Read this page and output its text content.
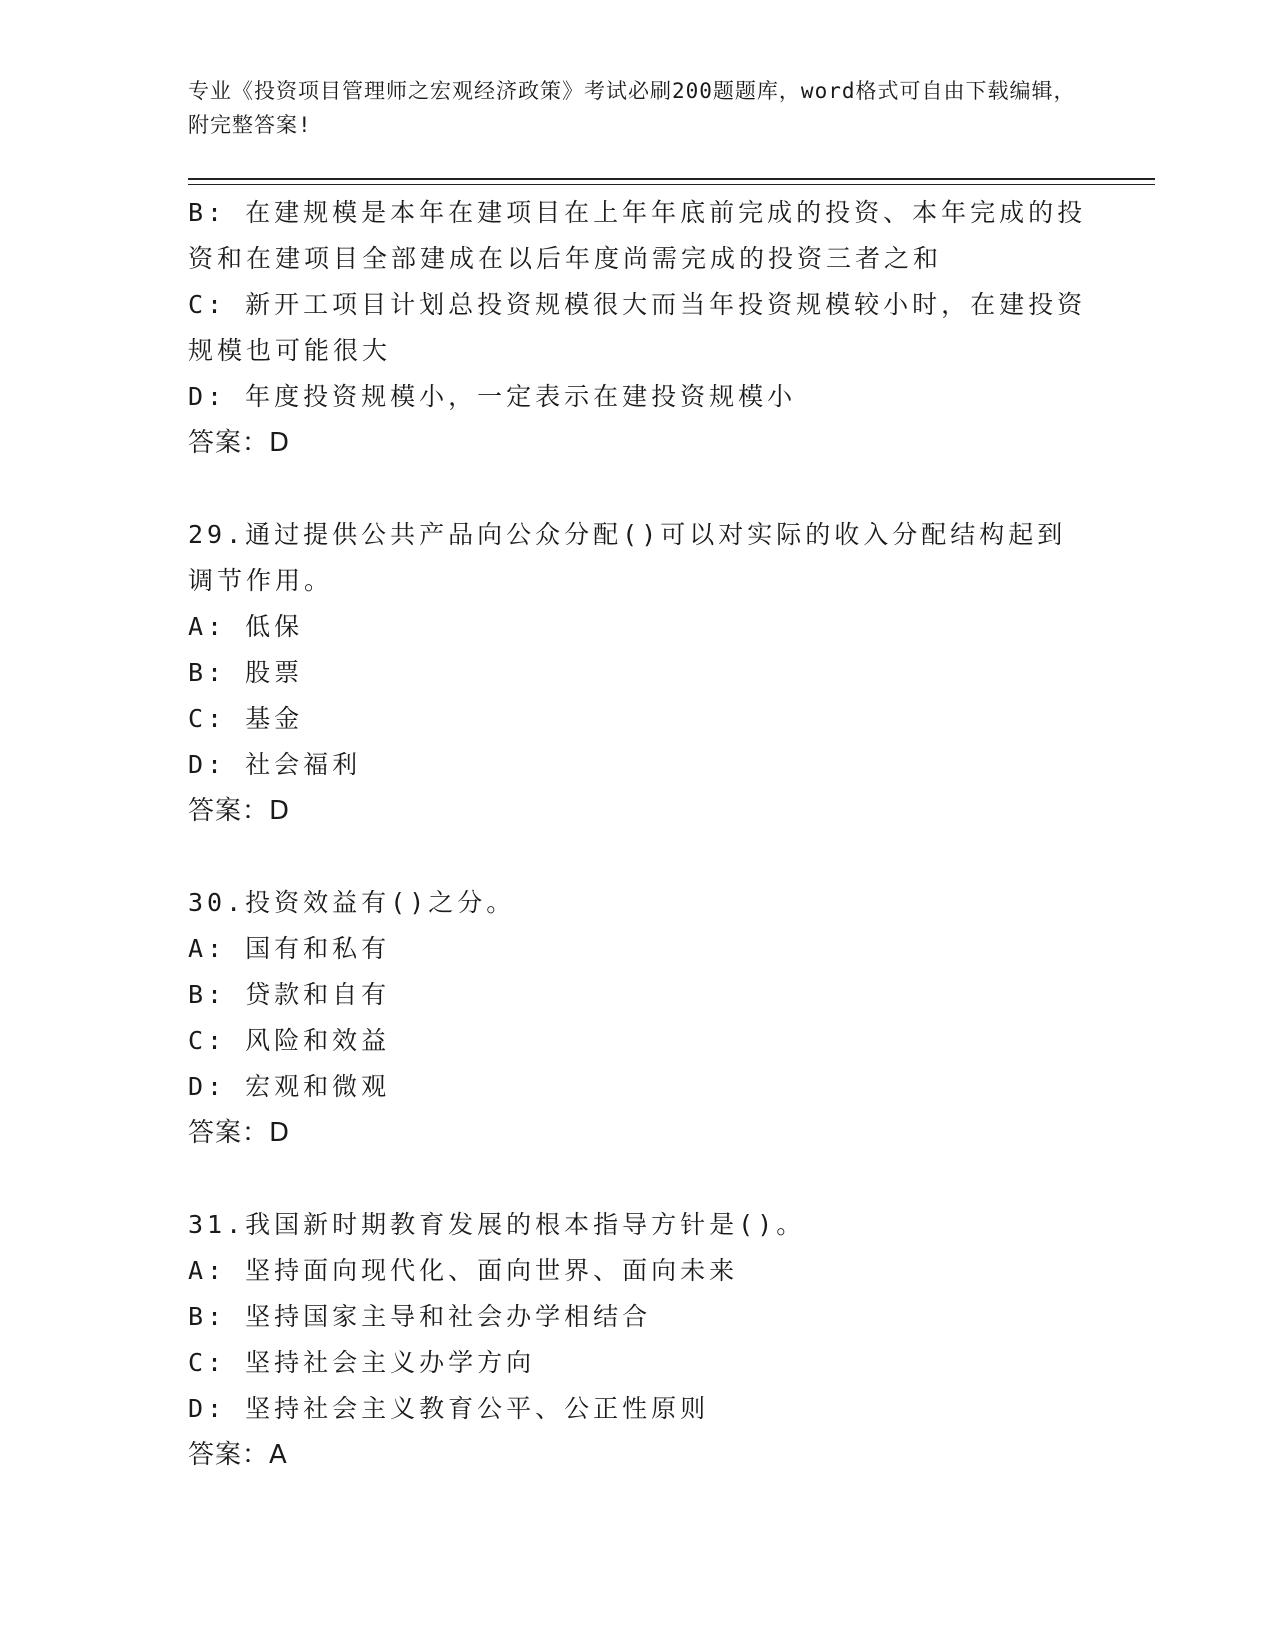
专业《投资项目管理师之宏观经济政策》考试必刷200题题库，word格式可自由下载编辑，附完整答案!

B: 在建规模是本年在建项目在上年年底前完成的投资、本年完成的投资和在建项目全部建成在以后年度尚需完成的投资三者之和

C: 新开工项目计划总投资规模很大而当年投资规模较小时，在建投资规模也可能很大

D: 年度投资规模小，一定表示在建投资规模小

答案：D

29.通过提供公共产品向公众分配()可以对实际的收入分配结构起到调节作用。

A: 低保

B: 股票

C: 基金

D: 社会福利

答案：D

30.投资效益有()之分。

A: 国有和私有

B: 贷款和自有

C: 风险和效益

D: 宏观和微观

答案：D

31.我国新时期教育发展的根本指导方针是()。

A: 坚持面向现代化、面向世界、面向未来

B: 坚持国家主导和社会办学相结合

C: 坚持社会主义办学方向

D: 坚持社会主义教育公平、公正性原则

答案：A
